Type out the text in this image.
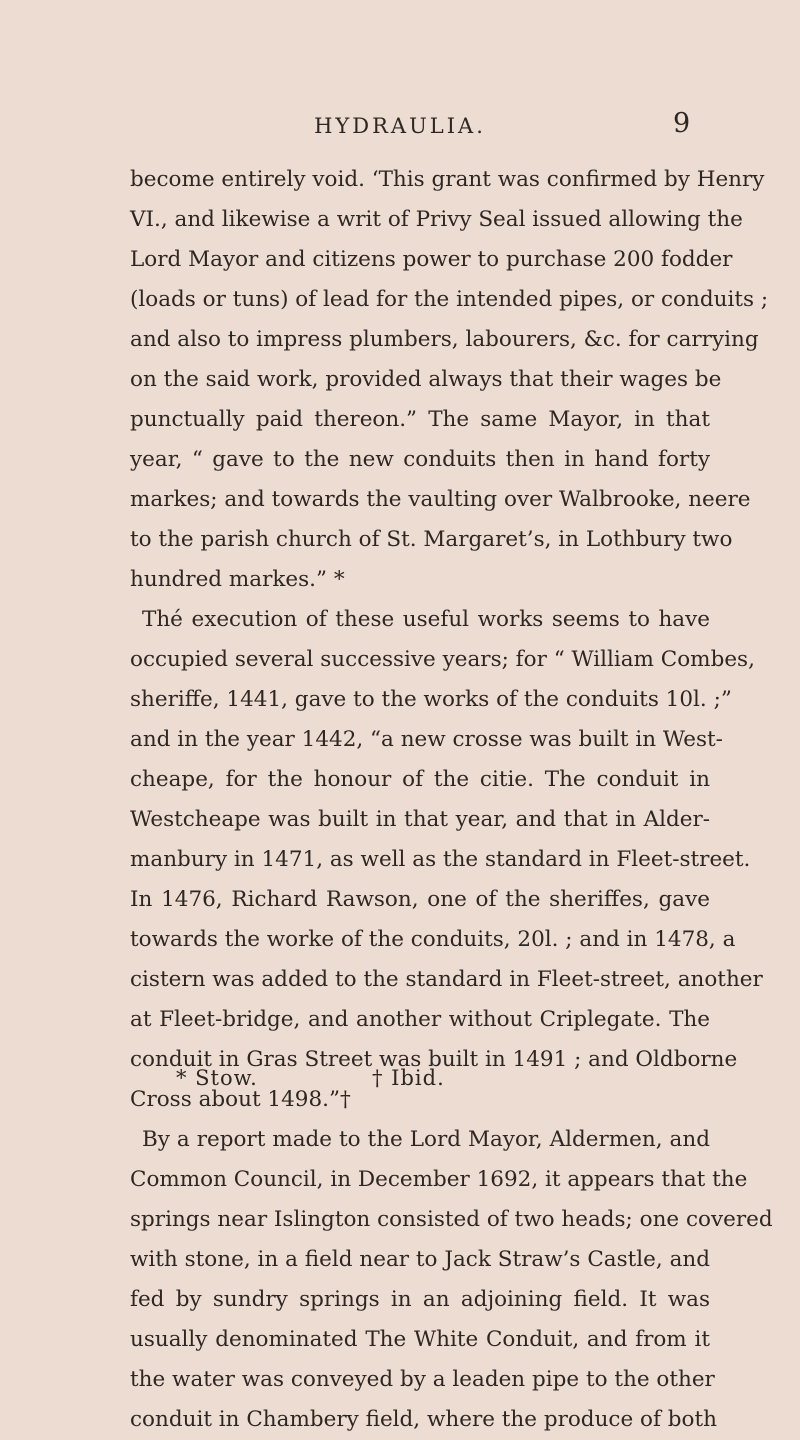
HYDRAULIA.	9
become entirely void. ‘This grant was confirmed by Henry
VI., and likewise a writ of Privy Seal issued allowing the
Lord Mayor and citizens power to purchase 200 fodder
(loads or tuns) of lead for the intended pipes, or conduits ;
and also to impress plumbers, labourers, &c. for carrying
on the said work, provided always that their wages be
punctually paid thereon.” The same Mayor, in that
year, “ gave to the new conduits then in hand forty
markes; and towards the vaulting over Walbrooke, neere
to the parish church of St. Margaret’s, in Lothbury two
hundred markes.” *
Thé execution of these useful works seems to have
occupied several successive years; for “ William Combes,
sheriffe, 1441, gave to the works of the conduits 10l. ;”
and in the year 1442, “a new crosse was built in West-
cheape, for the honour of the citie. The conduit in
Westcheape was built in that year, and that in Alder-
manbury in 1471, as well as the standard in Fleet-street.
In 1476, Richard Rawson, one of the sheriffes, gave
towards the worke of the conduits, 20l. ; and in 1478, a
cistern was added to the standard in Fleet-street, another
at Fleet-bridge, and another without Criplegate. The
conduit in Gras Street was built in 1491 ; and Oldborne
Cross about 1498.”†
By a report made to the Lord Mayor, Aldermen, and
Common Council, in December 1692, it appears that the
springs near Islington consisted of two heads; one covered
with stone, in a field near to Jack Straw’s Castle, and
fed by sundry springs in an adjoining field. It was
usually denominated The White Conduit, and from it
the water was conveyed by a leaden pipe to the other
conduit in Chambery field, where the produce of both
* Stow.	† Ibid.
